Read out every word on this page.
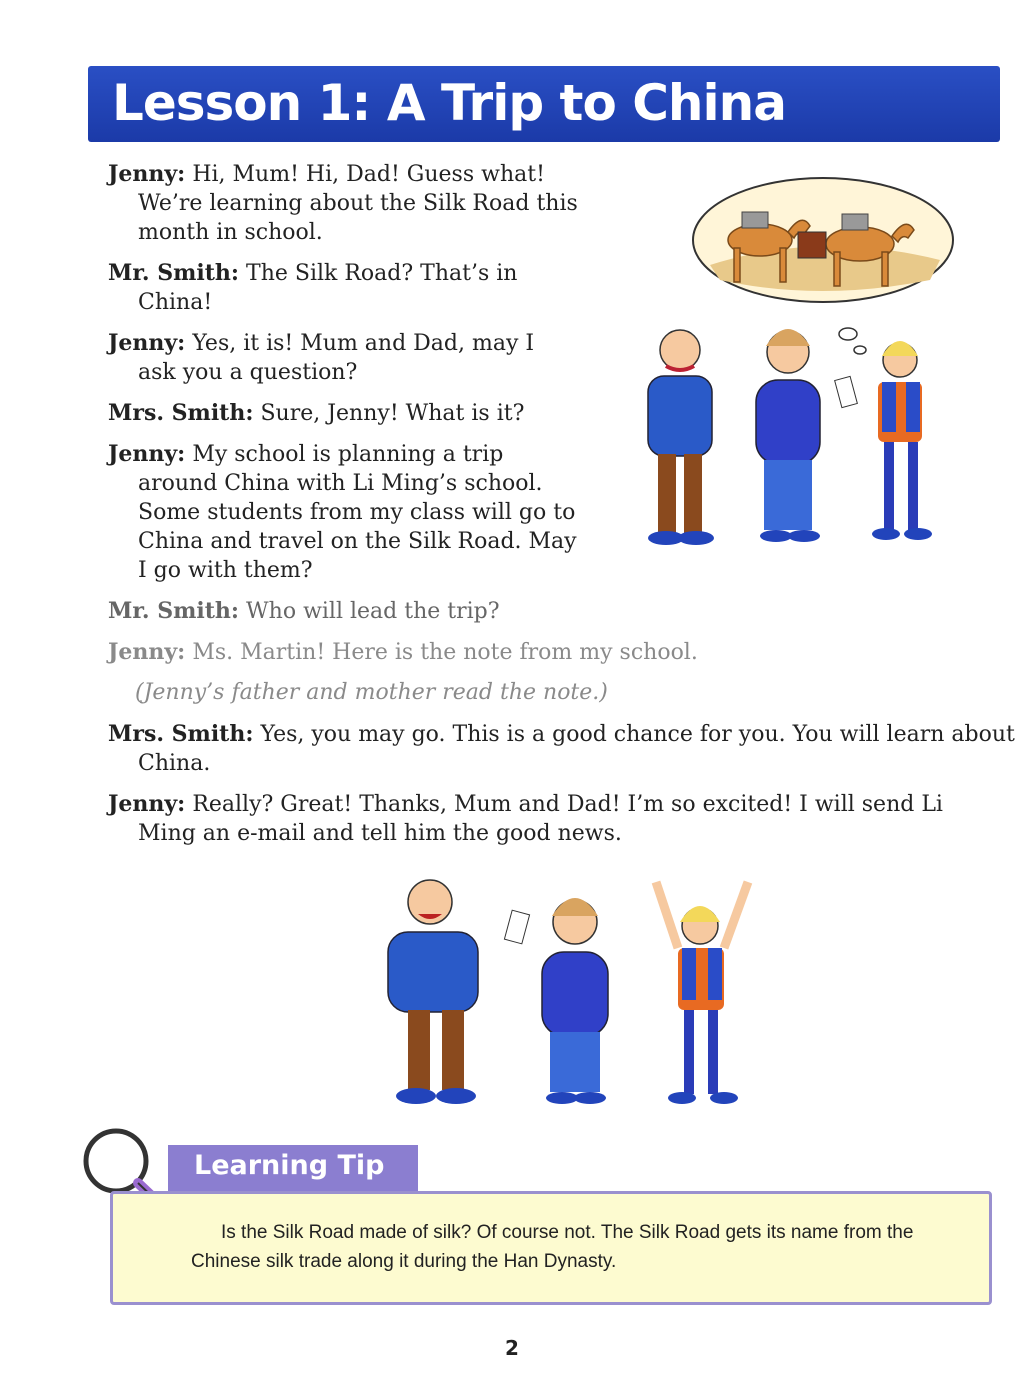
Lesson 1: A Trip to China

Jenny: Hi, Mum! Hi, Dad! Guess what! We’re learning about the Silk Road this month in school.

Mr. Smith: The Silk Road? That’s in China!

Jenny: Yes, it is! Mum and Dad, may I ask you a question?

Mrs. Smith: Sure, Jenny! What is it?

Jenny: My school is planning a trip around China with Li Ming’s school. Some students from my class will go to China and travel on the Silk Road. May I go with them?

Mr. Smith: Who will lead the trip?

Jenny: Ms. Martin! Here is the note from my school.

(Jenny’s father and mother read the note.)

Mrs. Smith: Yes, you may go. This is a good chance for you. You will learn about China.

Jenny: Really? Great! Thanks, Mum and Dad! I’m so excited! I will send Li Ming an e-mail and tell him the good news.

Learning Tip

Is the Silk Road made of silk? Of course not. The Silk Road gets its name from the Chinese silk trade along it during the Han Dynasty.

2
